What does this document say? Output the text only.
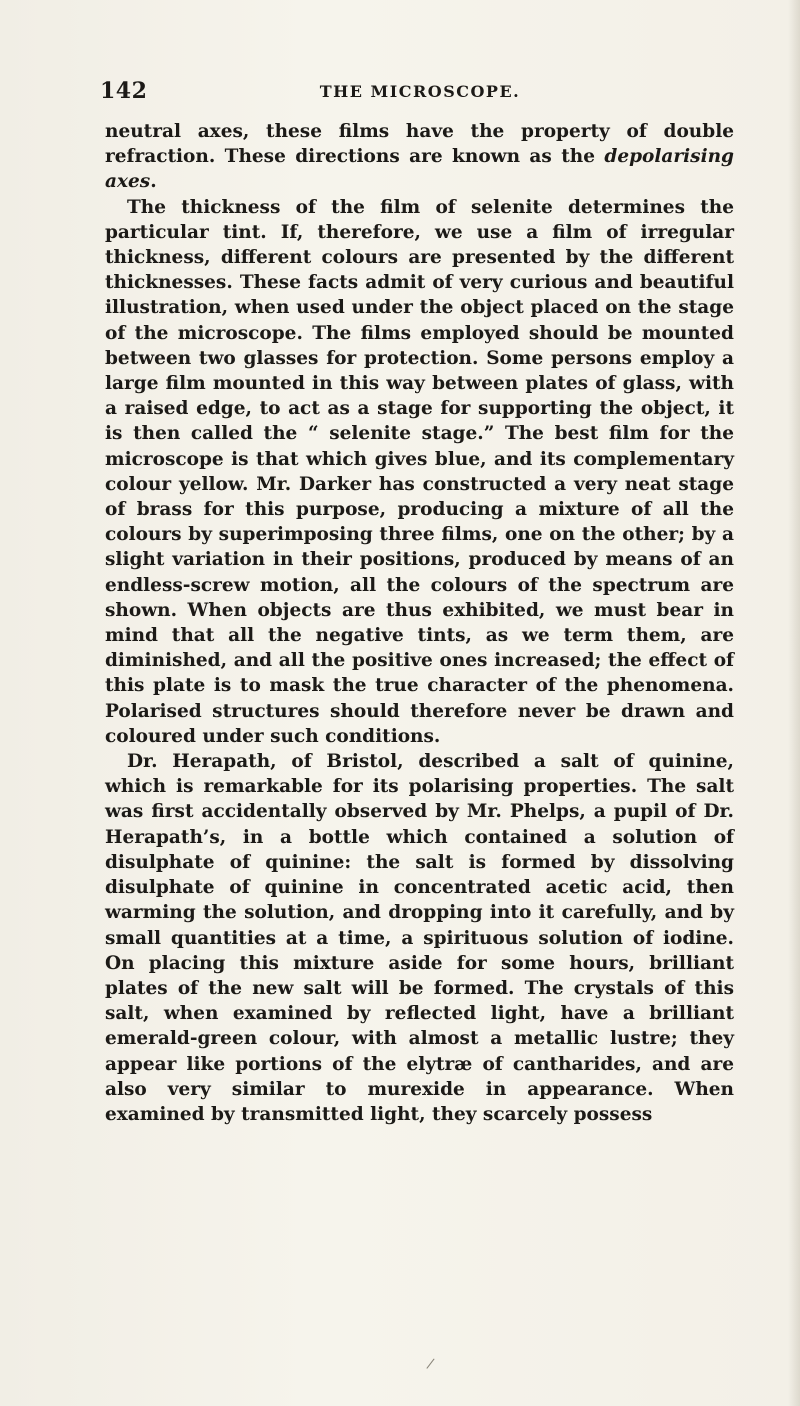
142	THE MICROSCOPE.

neutral axes, these films have the property of double refraction. These directions are known as the depolarising axes.

The thickness of the film of selenite determines the particular tint. If, therefore, we use a film of irregular thickness, different colours are presented by the different thicknesses. These facts admit of very curious and beautiful illustration, when used under the object placed on the stage of the microscope. The films employed should be mounted between two glasses for protection. Some persons employ a large film mounted in this way between plates of glass, with a raised edge, to act as a stage for supporting the object, it is then called the “ selenite stage.” The best film for the microscope is that which gives blue, and its complementary colour yellow. Mr. Darker has constructed a very neat stage of brass for this purpose, producing a mixture of all the colours by superimposing three films, one on the other; by a slight variation in their positions, produced by means of an endless-screw motion, all the colours of the spectrum are shown. When objects are thus exhibited, we must bear in mind that all the negative tints, as we term them, are diminished, and all the positive ones increased; the effect of this plate is to mask the true character of the phenomena. Polarised structures should therefore never be drawn and coloured under such conditions.

Dr. Herapath, of Bristol, described a salt of quinine, which is remarkable for its polarising properties. The salt was first accidentally observed by Mr. Phelps, a pupil of Dr. Herapath’s, in a bottle which contained a solution of disulphate of quinine: the salt is formed by dissolving disulphate of quinine in concentrated acetic acid, then warming the solution, and dropping into it carefully, and by small quantities at a time, a spirituous solution of iodine. On placing this mixture aside for some hours, brilliant plates of the new salt will be formed. The crystals of this salt, when examined by reflected light, have a brilliant emerald-green colour, with almost a metallic lustre; they appear like portions of the elytræ of cantharides, and are also very similar to murexide in appearance. When examined by transmitted light, they scarcely possess

/
